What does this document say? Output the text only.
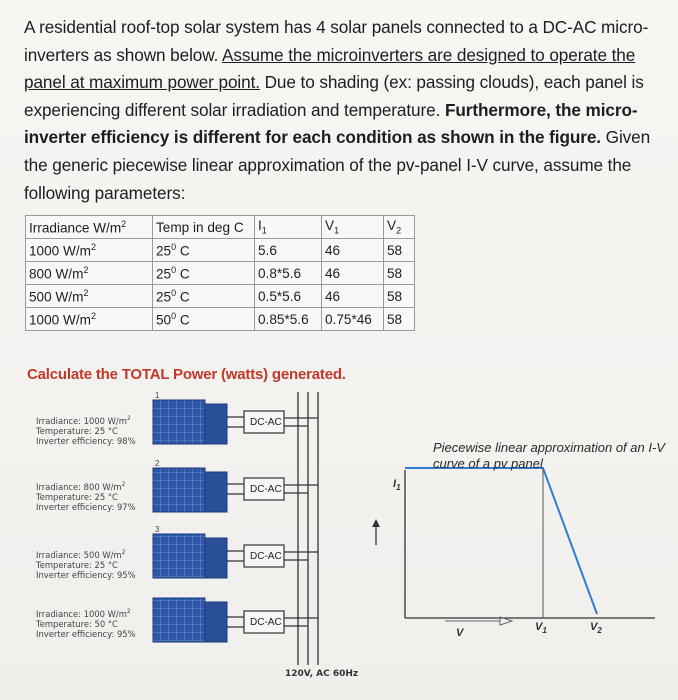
A residential roof-top solar system has 4 solar panels connected to a DC-AC micro-inverters as shown below. Assume the microinverters are designed to operate the panel at maximum power point. Due to shading (ex: passing clouds), each panel is experiencing different solar irradiation and temperature. Furthermore, the micro-inverter efficiency is different for each condition as shown in the figure. Given the generic piecewise linear approximation of the pv-panel I-V curve, assume the following parameters:

Irradiance $W/m^2$	Temp in deg C	$I_1$	$V_1$	$V_2$
1000 $W/m^2$	$25^0$ C	5.6	46	58
800 $W/m^2$	$25^0$ C	0.8*5.6	46	58
500 $W/m^2$	$25^0$ C	0.5*5.6	46	58
1000 $W/m^2$	$50^0$ C	0.85*5.6	0.75*46	58
Calculate the TOTAL Power (watts) generated.
DC-AC
DC-AC
DC-AC
DC-AC
1
2
3
Irradiance: 1000 $W/m^2$
Temperature: 25 °C
Inverter efficiency: 98%
Irradiance: 800 $W/m^2$
Temperature: 25 °C
Inverter efficiency: 97%
Irradiance: 500 $W/m^2$
Temperature: 25 °C
Inverter efficiency: 95%
Irradiance: 1000 $W/m^2$
Temperature: 50 °C
Inverter efficiency: 95%
120V, AC 60Hz
Piecewise linear approximation of an I-V curve of a pv panel
$I_1$
V	$V_1$	$V_2$
